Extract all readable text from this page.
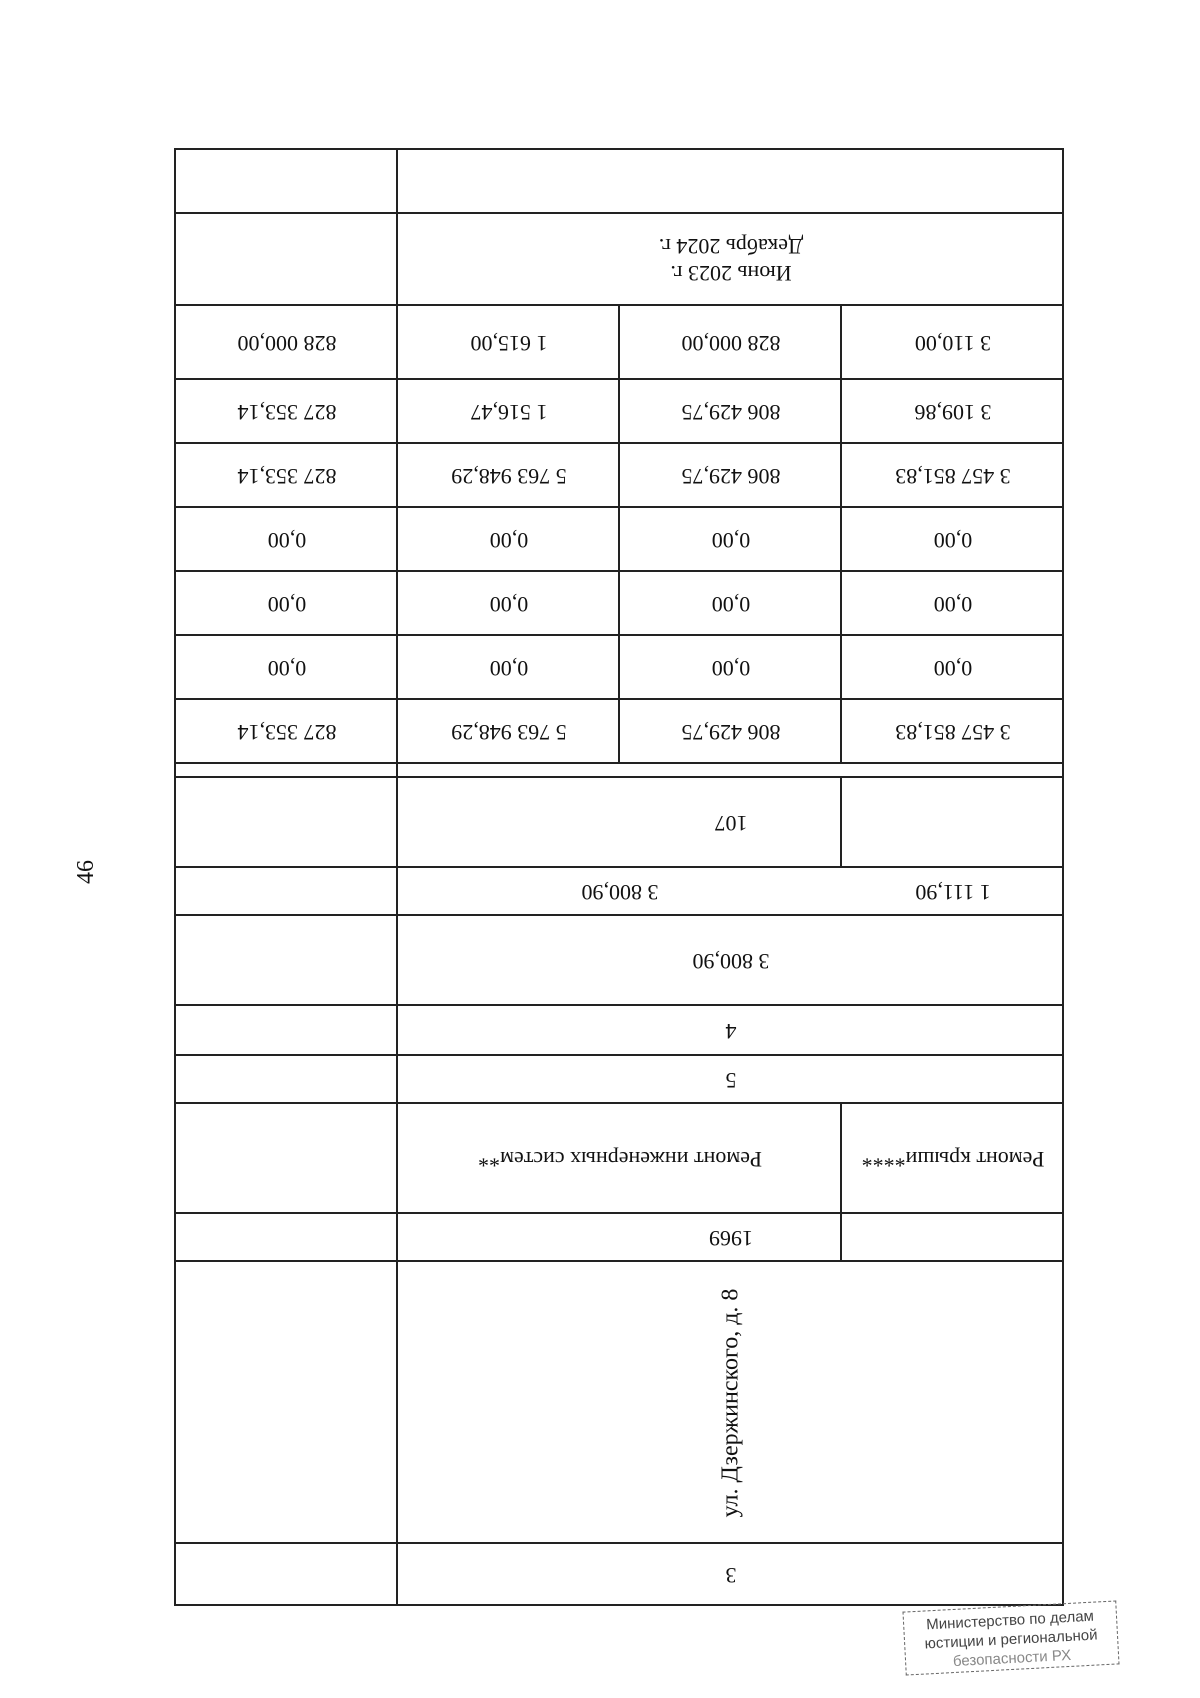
46
3
ул. Дзержинского, д. 8
1969
Ремонт крыши****
Ремонт инженерных систем**
5
4
3 800,90
1 111,90
3 800,90
107
3 457 851,83
806 429,75
5 763 948,29
827 353,14
0,00
0,00
0,00
0,00
0,00
0,00
0,00
0,00
0,00
0,00
0,00
0,00
3 457 851,83
806 429,75
5 763 948,29
827 353,14
3 109,86
806 429,75
1 516,47
827 353,14
3 110,00
828 000,00
1 615,00
828 000,00
Июнь 2023 г.
Декабрь 2024 г.
Министерство по делам
юстиции и региональной
безопасности РХ
